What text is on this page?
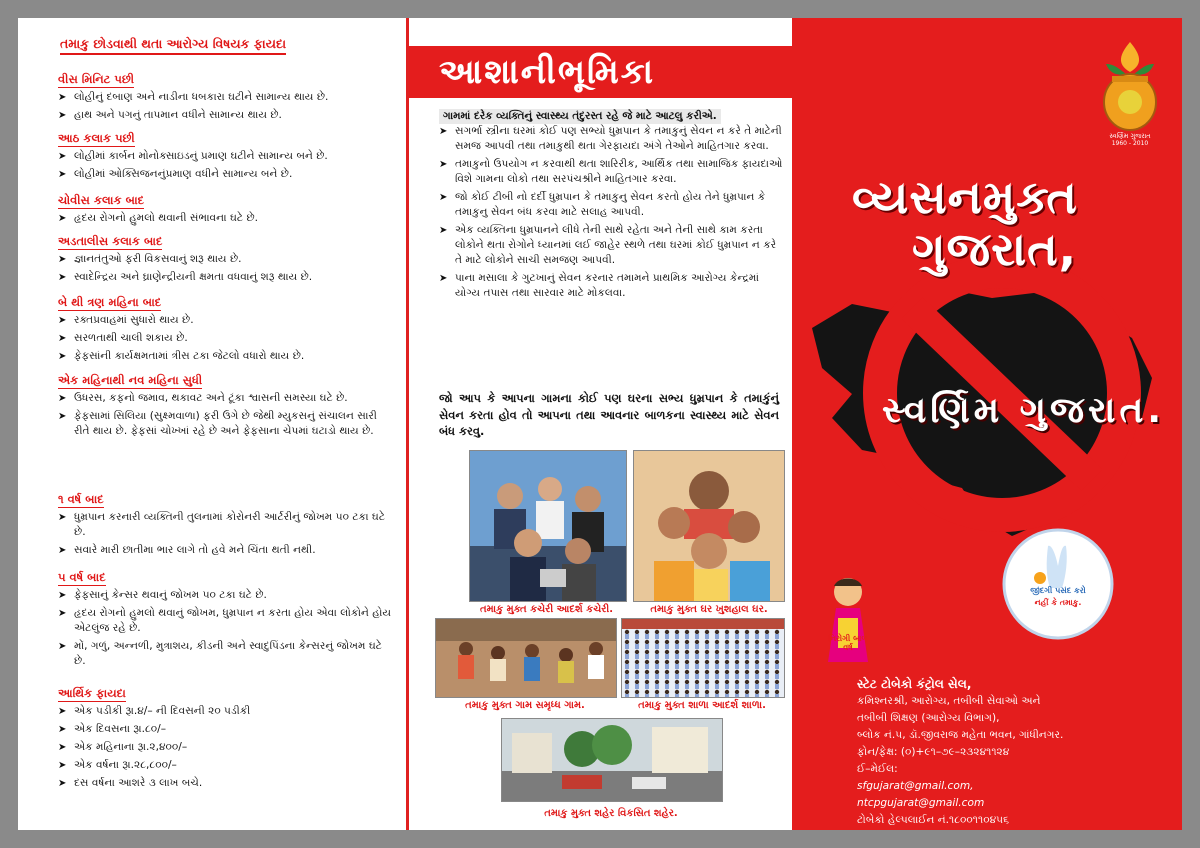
તમાકુ છોડવાથી થતા આરોગ્ય વિષયક ફાયદા
વીસ મિનિટ પછી
➤ લોહીનું દબાણ અને નાડીના ધબકારા ઘટીને સામાન્ય થાય છે.
➤ હાથ અને પગનું તાપમાન વધીને સામાન્ય થાય છે.
આઠ કલાક પછી
➤ લોહીમાં કાર્બન મોનોક્સાઇડનું પ્રમાણ ઘટીને સામાન્ય બને છે.
➤ લોહીમાં ઓક્સિજનનુંપ્રમાણ વધીને સામાન્ય બને છે.
ચોવીસ કલાક બાદ
➤ હૃદય રોગનો હુમલો થવાની સંભાવના ઘટે છે.
અડતાલીસ કલાક બાદ
➤ જ્ઞાનતંતુઓ ફરી વિકસવાનું શરૂ થાય છે.
➤ સ્વાદેન્દ્રિય અને ઘ્રાણેન્દ્રીયની ક્ષમતા વધવાનું શરૂ થાય છે.
બે થી ત્રણ મહિના બાદ
➤ રક્તપ્રવાહમાં સુધારો થાય છે.
➤ સરળતાથી ચાલી શકાય છે.
➤ ફેફસાંની કાર્યક્ષમતામાં ત્રીસ ટકા જેટલો વધારો થાય છે.
એક મહિનાથી નવ મહિના સુધી
➤ ઉધરસ, કફનો જમાવ, થકાવટ અને ટૂંકા શ્વાસની સમસ્યા ઘટે છે.
➤ ફેફસામાં સિલિયા (સુક્ષ્મવાળા) ફરી ઉગે છે જેથી મ્યુકસનું સંચાલન સારી રીતે થાય છે. ફેફસાં ચોખ્ખાં રહે છે અને ફેફસાના ચેપમાં ઘટાડો થાય છે.
૧ વર્ષ બાદ
➤ ધુમ્રપાન કરનારી વ્યક્તિની તુલનામાં કોરોનરી આર્ટરીનું જોખમ ૫૦ ટકા ઘટે છે.
➤ સવારે મારી છાતીમા ભાર લાગે તો હવે મને ચિંતા થતી નથી.
૫ વર્ષ બાદ
➤ ફેફસાનું કેન્સર થવાનું જોખમ ૫૦ ટકા ઘટે છે.
➤ હૃદય રોગનો હુમલો થવાનું જોખમ, ધુમ્રપાન ન કરતા હોય એવા લોકોને હોય એટલુંજ રહે છે.
➤ મોં, ગળું, અન્નળી, મુત્રાશય, કીડની અને સ્વાદુપિંડના કેન્સરનું જોખમ ઘટે છે.
આર્થિક ફાયદા
➤ એક પડીકી રૂા.૪/– ની દિવસની ૨૦ પડીકી
➤ એક દિવસના રૂા.૮૦/–
➤ એક મહિનાના રૂા.૨,૪૦૦/–
➤ એક વર્ષના રૂા.૨૮,૮૦૦/–
➤ દસ વર્ષના આશરે ૩ લાખ બચે.
આશાનીભૂમિકા
ગામમાં દરેક વ્યક્તિનું સ્વાસ્થ્ય તંદુરસ્ત રહે જે માટે આટલુ કરીએ.
➤ સગર્ભા સ્ત્રીના ઘરમાં કોઈ પણ સભ્યો ધુમ્રપાન કે તમાકુનું સેવન ન કરે તે માટેની સમજ આપવી તથા તમાકુથી થતા ગેરફાયદા અંગે તેઓને માહિતગાર કરવા.
➤ તમાકુનો ઉપયોગ ન કરવાથી થતા શારિરીક, આર્થિક તથા સામાજિક ફાયદાઓ વિશે ગામના લોકો તથા સરપંચશ્રીને માહિતગાર કરવા.
➤ જો કોઈ ટીબી નો દર્દી ધુમ્રપાન કે તમાકુનુ સેવન કરતો હોય તેને ધુમ્રપાન કે તમાકુનુ સેવન બંધ કરવા માટે સલાહ આપવી.
➤ એક વ્યક્તિના ધુમ્રપાનને લીધે તેની સાથે રહેતા અને તેની સાથે કામ કરતા લોકોને થતા રોગોને ધ્યાનમાં લઈ જાહેર સ્થળે તથા ઘરમાં કોઈ ધુમ્રપાન ન કરે તે માટે લોકોને સાચી સમજણ આપવી.
➤ પાના મસાલા કે ગુટખાનું સેવન કરનાર તમામને પ્રાથમિક આરોગ્ય કેન્દ્રમાં યોગ્ય તપાસ તથા સારવાર માટે મોકલવા.
જો આપ કે આપના ગામના કોઈ પણ ઘરના સભ્ય ધુમ્રપાન કે તમાકુંનું સેવન કરતા હોવ તો આપના તથા આવનાર બાળકના સ્વાસ્થ્ય માટે સેવન બંધ કરવુ.
તમાકુ મુક્ત કચેરી આદર્શ કચેરી.	તમાકુ મુક્ત ઘર ખુશહાલ ઘર.
તમાકુ મુક્ત ગામ સમૃધ્ધ ગામ.	તમાકુ મુક્ત શાળા આદર્શ શાળા.
તમાકુ મુક્ત શહેર વિકસિત શહેર.
સ્વર્ણિમ ગુજરાત
1960 - 2010
વ્યસનમુક્ત
ગુજરાત,
સ્વર્ણિમ ગુજરાત.
નિરોગી બાળ વર્ષ
જીંદગી પસંદ કરો
નહીં કે તમાકુ.
સ્ટેટ ટોબેકો કંટ્રોલ સેલ,
કમિશ્નરશ્રી, આરોગ્ય, તબીબી સેવાઓ અને
તબીબી શિક્ષણ (આરોગ્ય વિભાગ),
બ્લોક નં.૫, ડૉ.જીવરાજ મહેતા ભવન, ગાંધીનગર.
ફોન/ફેક્ષ: (૦)+૯૧–૭૯–૨૩૨૪૧૧૨૪
ઈ–મેઈલ:
sfgujarat@gmail.com,
ntcpgujarat@gmail.com
ટોબેકો હેલ્પલાઈન નં.૧૮૦૦૧૧૦૪૫૬
